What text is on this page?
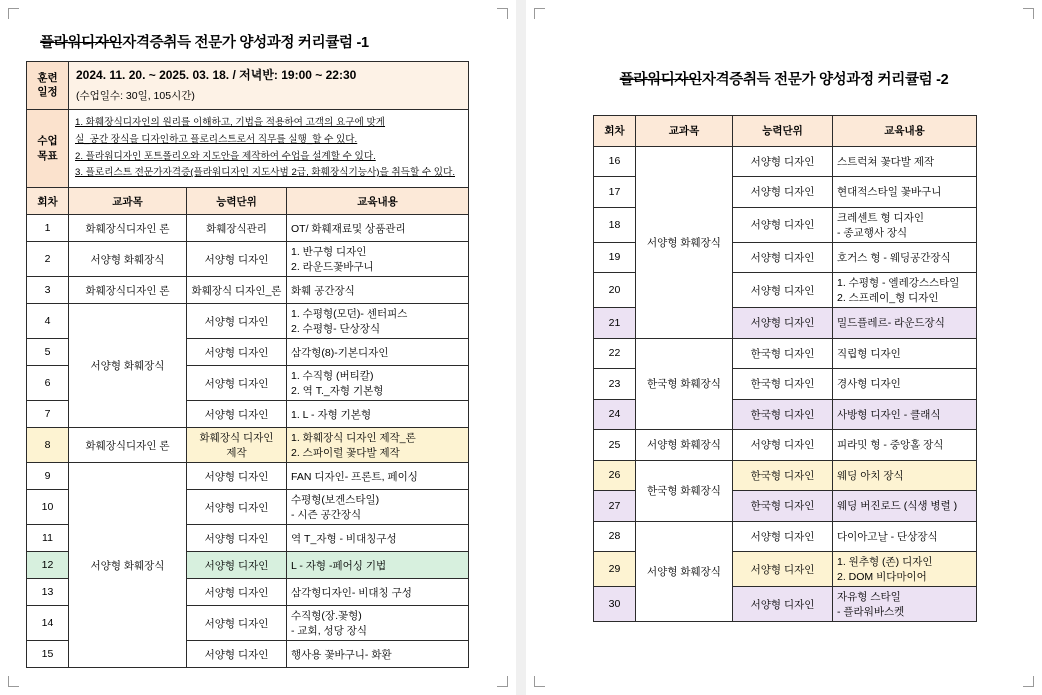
플라워디자인자격증취득 전문가 양성과정 커리큘럼 -1
훈련
일정

2024. 11. 20. ~ 2025. 03. 18. / 저녁반: 19:00 ~ 22:30
(수업일수: 30일, 105시간)

수업
목표

1. 화훼장식디자인의 원리를 이해하고, 기법을 적용하여 고객의 요구에 맞게
실_공간 장식을 디자인하고 플로리스트로서 직무를 실행_할 수 있다.
2. 플라워디자인 포트폴리오와 지도안을 제작하여 수업을 설계할 수 있다.
3. 플로리스트 전문가자격증(플라워디자인 지도사범 2급, 화훼장식기능사)을 취득할 수 있다.

회차	교과목	능력단위	교육내용
1	화훼장식디자인 론	화훼장식관리	OT/ 화훼재료및 상품관리
2	서양형 화훼장식	서양형 디자인	1. 반구형 디자인
2. 라운드꽃바구니
3	화훼장식디자인 론	화훼장식 디자인_론	화훼 공간장식
4	서양형 화훼장식	서양형 디자인	1. 수평형(모던)- 센터피스
2. 수평형- 단상장식
5		서양형 디자인	삼각형(8)-기본디자인
6		서양형 디자인	1. 수직형 (버티칼)
2. 역 T._자형 기본형
7		서양형 디자인	1. L - 자형 기본형
8	화훼장식디자인 론	화훼장식 디자인
제작	1. 화훼장식 디자인 제작_론
2. 스파이럴 꽃다발 제작
9	서양형 화훼장식	서양형 디자인	FAN 디자인- 프론트, 페이싱
10		서양형 디자인	수평형(보겐스타일)
- 시즌 공간장식
11		서양형 디자인	역 T_자형 - 비대칭구성
12		서양형 디자인	L - 자형 -페어싱 기법
13		서양형 디자인	삼각형디자인- 비대칭 구성
14		서양형 디자인	수직형(장.꽃형)
- 교회, 성당 장식
15		서양형 디자인	행사용 꽃바구니- 화환
플라워디자인자격증취득 전문가 양성과정 커리큘럼 -2
회차	교과목	능력단위	교육내용
16	서양형 화훼장식	서양형 디자인	스트럭쳐 꽃다발 제작
17		서양형 디자인	현대적스타일 꽃바구니
18		서양형 디자인	크레센트 형 디자인
- 종교행사 장식
19		서양형 디자인	호거스 형 - 웨딩공간장식
20		서양형 디자인	1. 수평형 - 엘레강스스타일
2. 스프레이_형 디자인
21		서양형 디자인	밀드플레르- 라운드장식
22	한국형 화훼장식	한국형 디자인	직립형 디자인
23		한국형 디자인	경사형 디자인
24		한국형 디자인	사방형 디자인 - 클래식
25	서양형 화훼장식	서양형 디자인	피라밋 형 - 중앙홀 장식
26	한국형 화훼장식	한국형 디자인	웨딩 아치 장식
27		한국형 디자인	웨딩 버진로드 (식생 병렬 )
28	서양형 화훼장식	서양형 디자인	다이아고날 - 단상장식
29		서양형 디자인	1. 원추형 (존) 디자인
2. DOM 비다마이어
30		서양형 디자인	자유형 스타일
- 플라워바스켓
